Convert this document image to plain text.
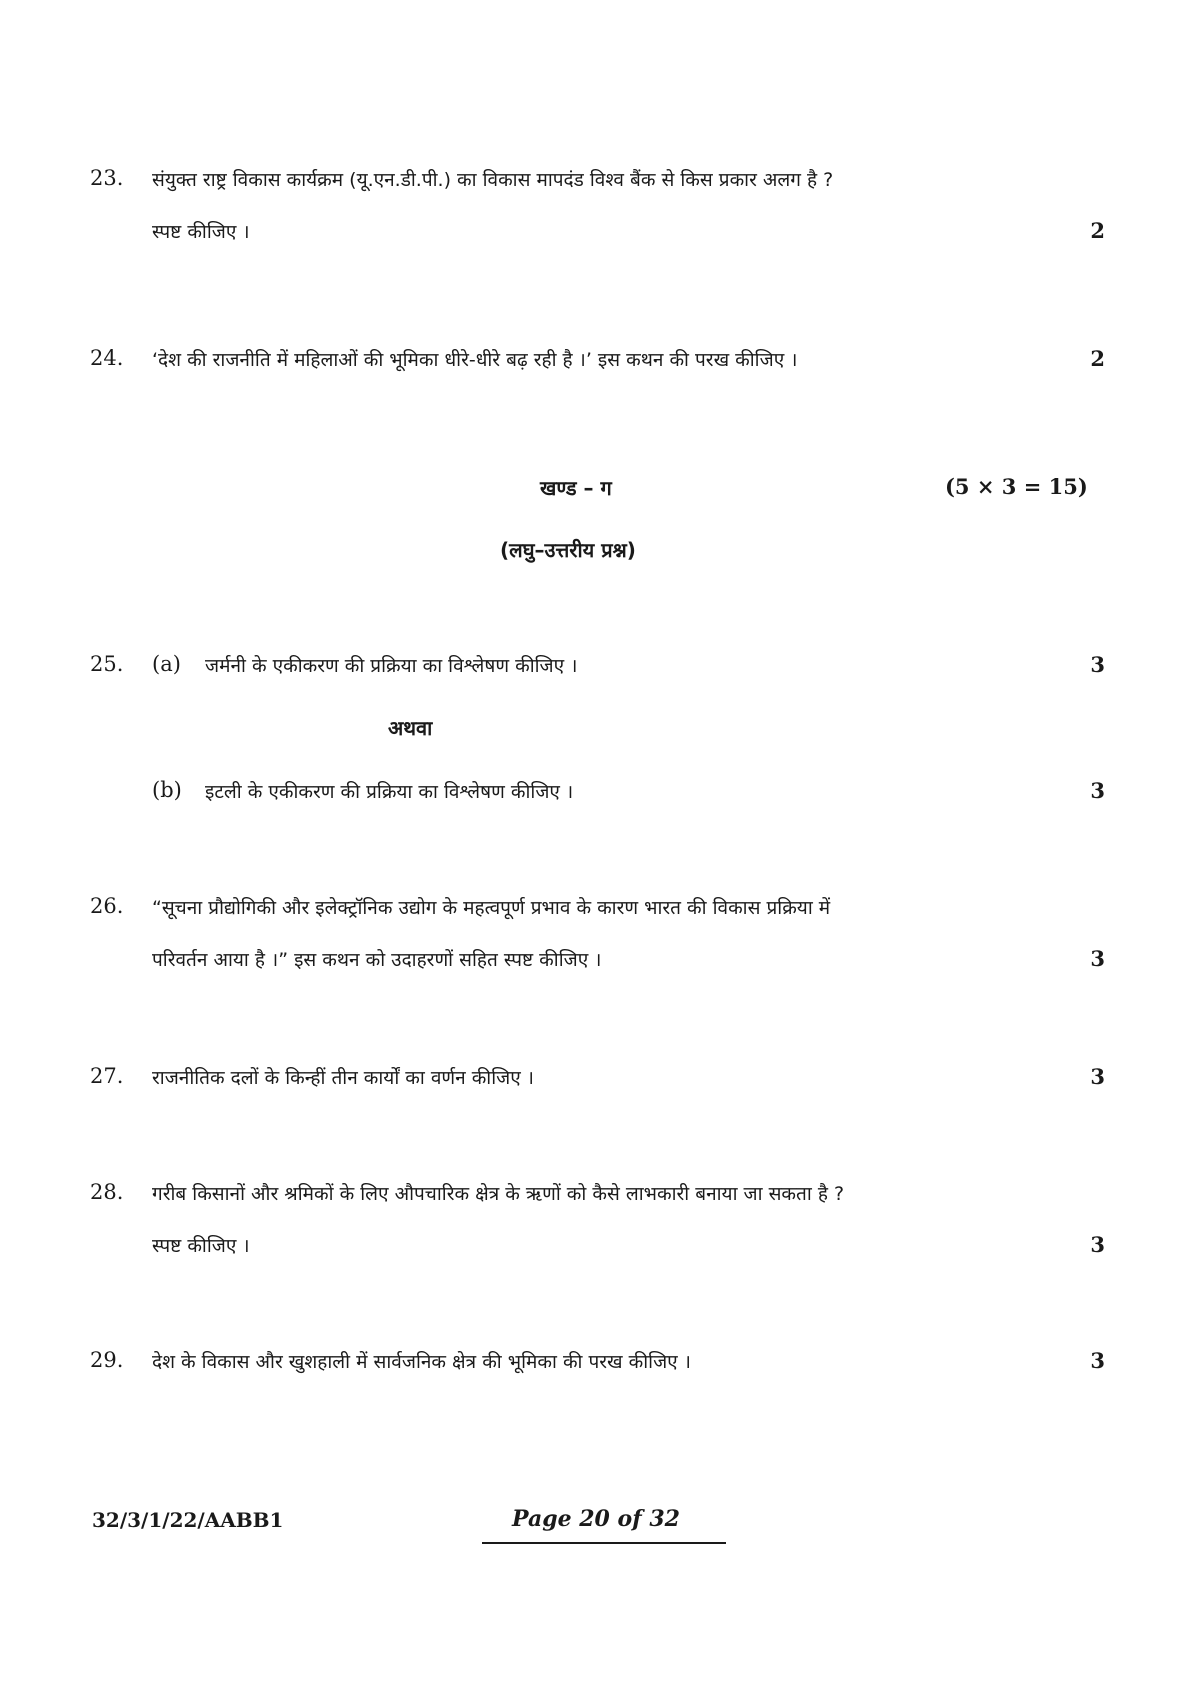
23. संयुक्त राष्ट्र विकास कार्यक्रम (यू.एन.डी.पी.) का विकास मापदंड विश्व बैंक से किस प्रकार अलग है ?
स्पष्ट कीजिए ।	2
24. ‘देश की राजनीति में महिलाओं की भूमिका धीरे-धीरे बढ़ रही है ।’ इस कथन की परख कीजिए ।	2
खण्ड – ग	(5 × 3 = 15)
(लघु–उत्तरीय प्रश्न)
25. (a) जर्मनी के एकीकरण की प्रक्रिया का विश्लेषण कीजिए ।	3
अथवा
(b) इटली के एकीकरण की प्रक्रिया का विश्लेषण कीजिए ।	3
26. “सूचना प्रौद्योगिकी और इलेक्ट्रॉनिक उद्योग के महत्वपूर्ण प्रभाव के कारण भारत की विकास प्रक्रिया में
परिवर्तन आया है ।” इस कथन को उदाहरणों सहित स्पष्ट कीजिए ।	3
27. राजनीतिक दलों के किन्हीं तीन कार्यों का वर्णन कीजिए ।	3
28. गरीब किसानों और श्रमिकों के लिए औपचारिक क्षेत्र के ऋणों को कैसे लाभकारी बनाया जा सकता है ?
स्पष्ट कीजिए ।	3
29. देश के विकास और खुशहाली में सार्वजनिक क्षेत्र की भूमिका की परख कीजिए ।	3
32/3/1/22/AABB1	Page 20 of 32
